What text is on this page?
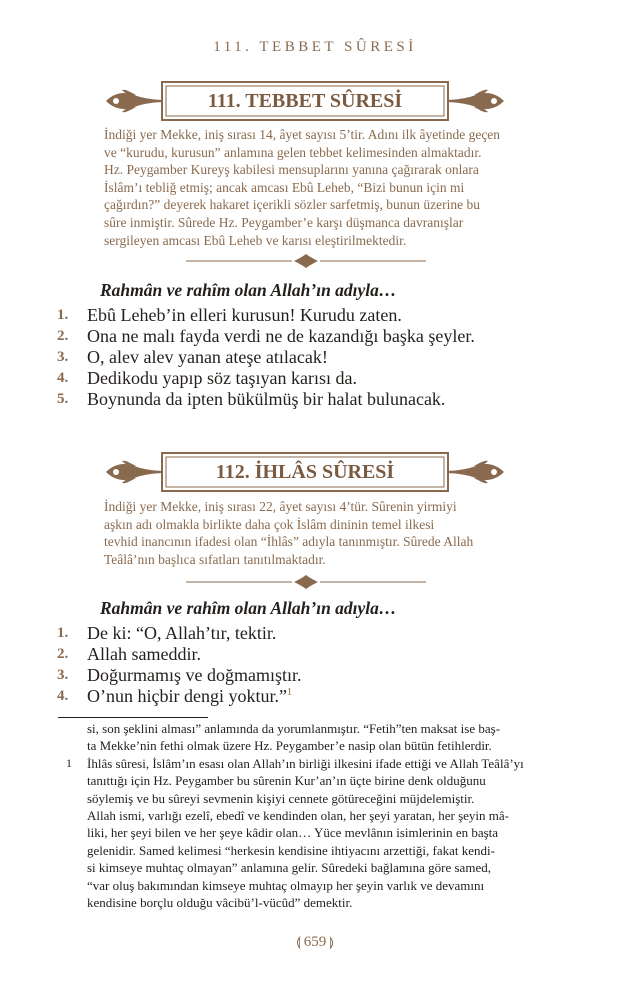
111. TEBBET SÛRESİ
111. TEBBET SÛRESİ
İndiği yer Mekke, iniş sırası 14, âyet sayısı 5’tir. Adını ilk âyetinde geçen
ve “kurudu, kurusun” anlamına gelen tebbet kelimesinden almaktadır.
Hz. Peygamber Kureyş kabilesi mensuplarını yanına çağırarak onlara
İslâm’ı tebliğ etmiş; ancak amcası Ebû Leheb, “Bizi bunun için mi
çağırdın?” deyerek hakaret içerikli sözler sarfetmiş, bunun üzerine bu
sûre inmiştir. Sûrede Hz. Peygamber’e karşı düşmanca davranışlar
sergileyen amcası Ebû Leheb ve karısı eleştirilmektedir.

Rahmân ve rahîm olan Allah’ın adıyla…

1.	Ebû Leheb’in elleri kurusun! Kurudu zaten.
2.	Ona ne malı fayda verdi ne de kazandığı başka şeyler.
3.	O, alev alev yanan ateşe atılacak!
4.	Dedikodu yapıp söz taşıyan karısı da.
5.	Boynunda da ipten bükülmüş bir halat bulunacak.
112. İHLÂS SÛRESİ
İndiği yer Mekke, iniş sırası 22, âyet sayısı 4’tür. Sûrenin yirmiyi
aşkın adı olmakla birlikte daha çok İslâm dininin temel ilkesi
tevhid inancının ifadesi olan “İhlâs” adıyla tanınmıştır. Sûrede Allah
Teâlâ’nın başlıca sıfatları tanıtılmaktadır.

Rahmân ve rahîm olan Allah’ın adıyla…

1.	De ki: “O, Allah’tır, tektir.
2.	Allah sameddir.
3.	Doğurmamış ve doğmamıştır.
4.	O’nun hiçbir dengi yoktur.”$^1$
si, son şeklini alması” anlamında da yorumlanmıştır. “Fetih”ten maksat ise baş-
ta Mekke’nin fethi olmak üzere Hz. Peygamber’e nasip olan bütün fetihlerdir.
1 İhlâs sûresi, İslâm’ın esası olan Allah’ın birliği ilkesini ifade ettiği ve Allah Teâlâ’yı
tanıttığı için Hz. Peygamber bu sûrenin Kur’an’ın üçte birine denk olduğunu
söylemiş ve bu sûreyi sevmenin kişiyi cennete götüreceğini müjdelemiştir.
Allah ismi, varlığı ezelî, ebedî ve kendinden olan, her şeyi yaratan, her şeyin mâ-
liki, her şeyi bilen ve her şeye kâdir olan… Yüce mevlânın isimlerinin en başta
gelenidir. Samed kelimesi “herkesin kendisine ihtiyacını arzettiği, fakat kendi-
si kimseye muhtaç olmayan” anlamına gelir. Sûredeki bağlamına göre samed,
“var oluş bakımından kimseye muhtaç olmayıp her şeyin varlık ve devamını
kendisine borçlu olduğu vâcibü’l-vücûd” demektir.
⟬ 659 ⟭
